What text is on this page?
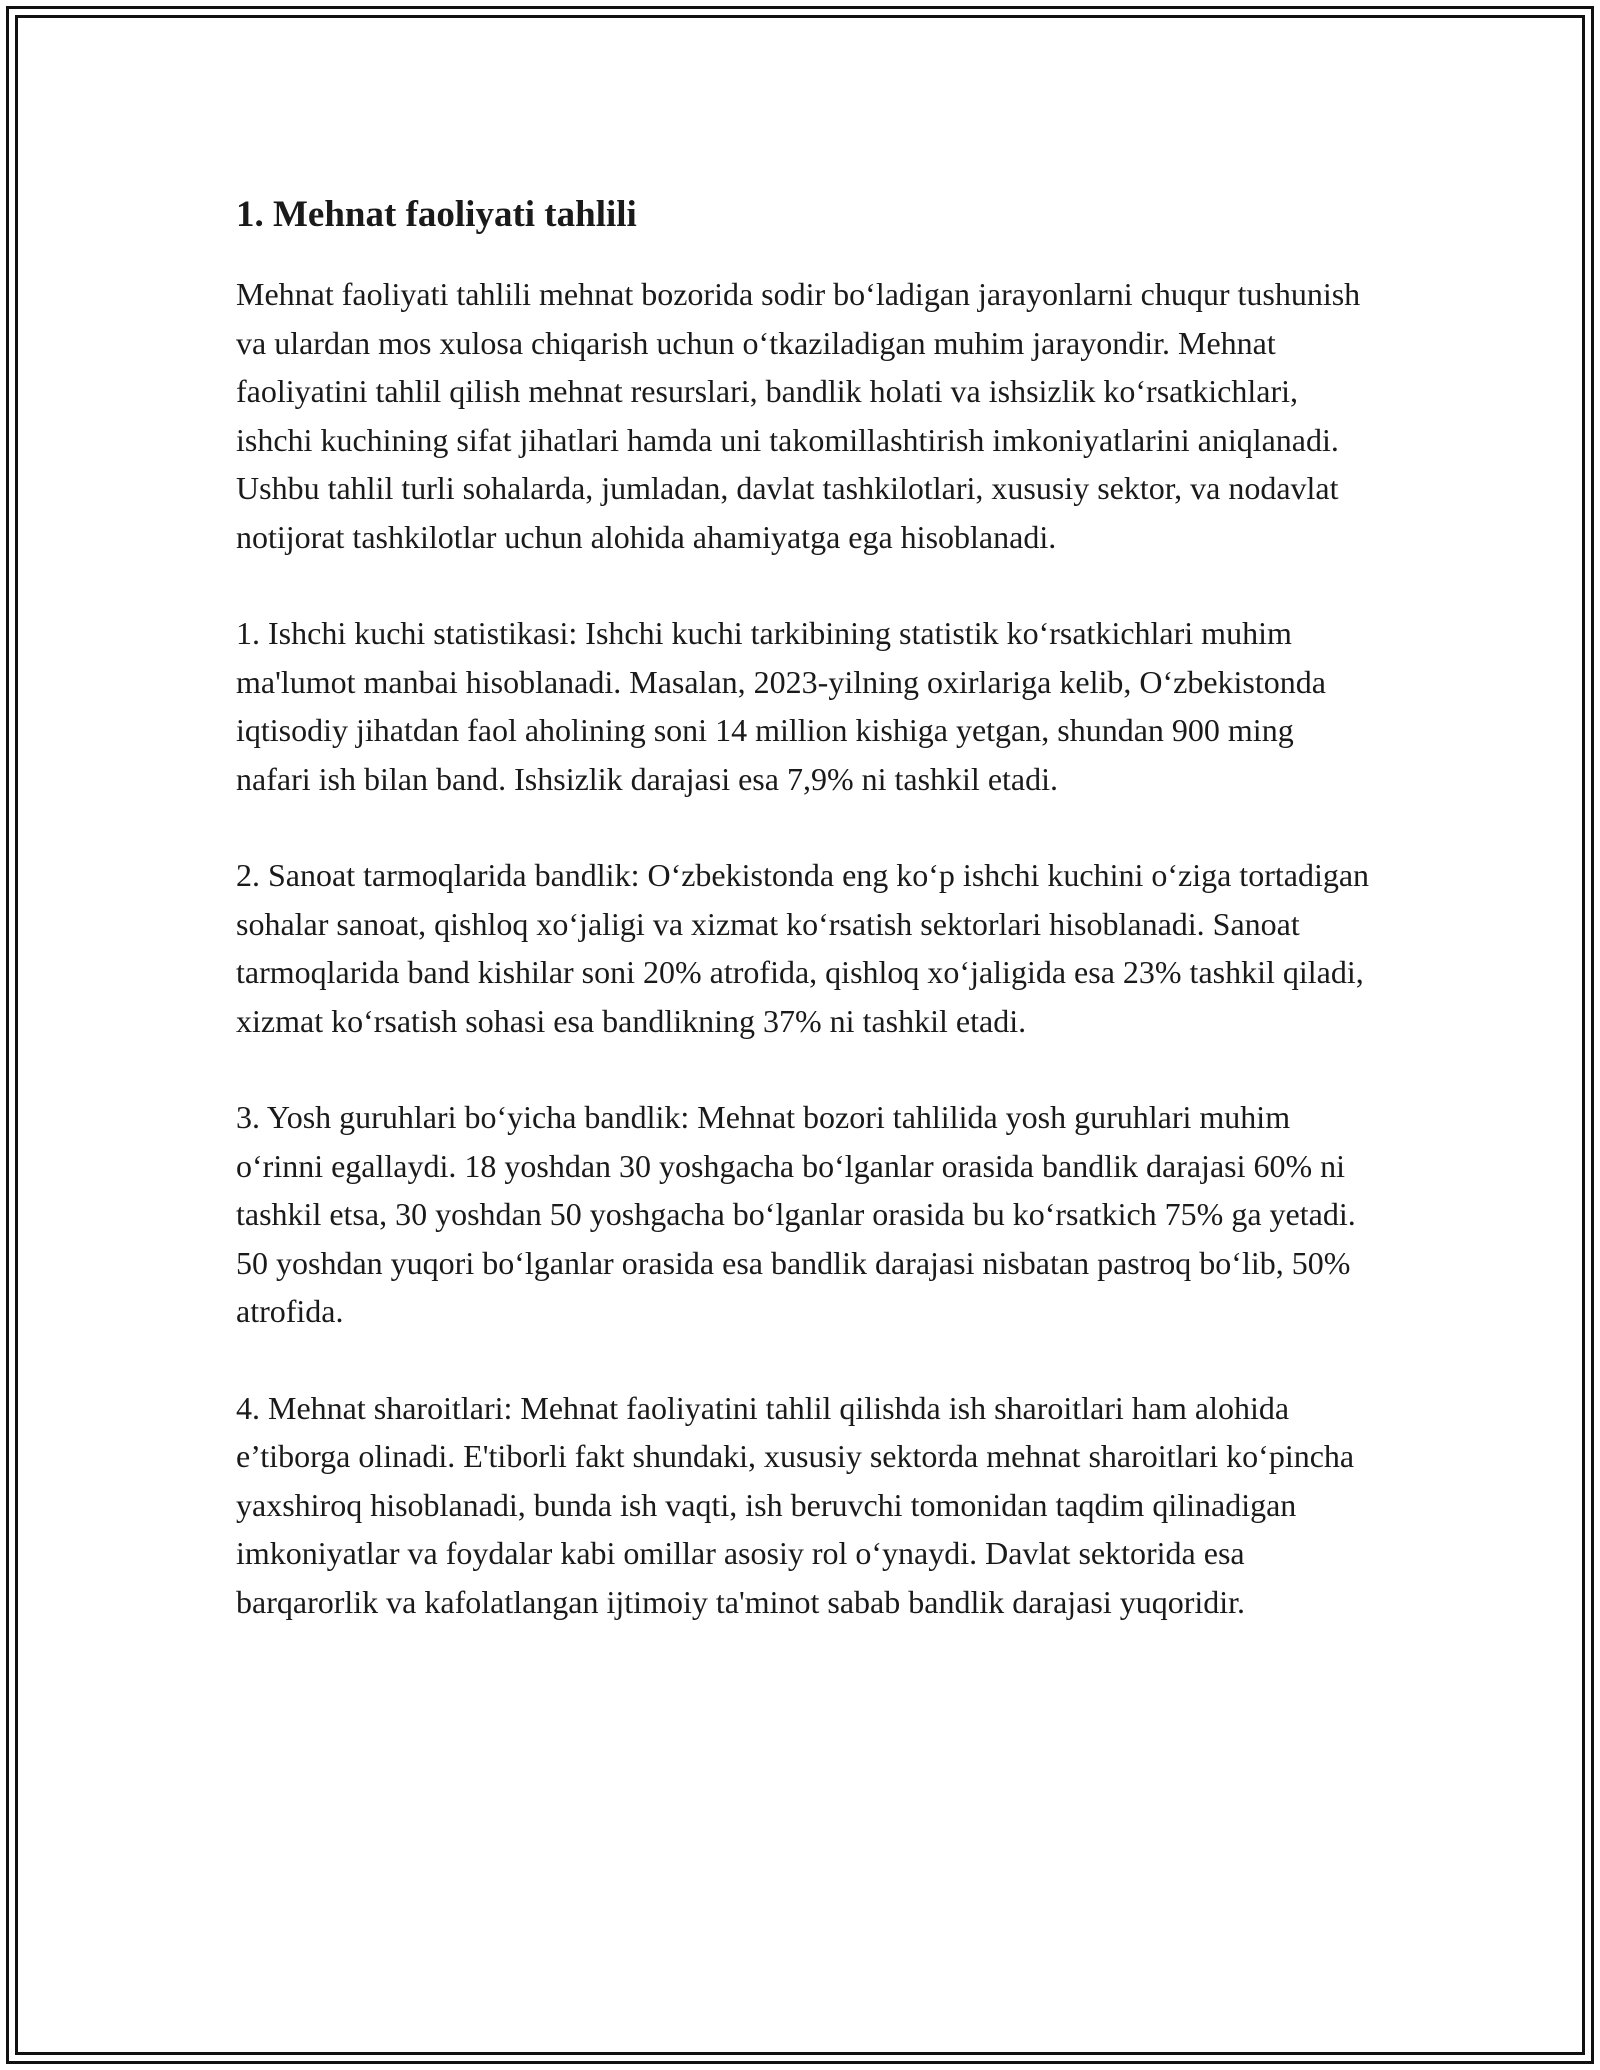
1. Mehnat faoliyati tahlili

Mehnat faoliyati tahlili mehnat bozorida sodir bo‘ladigan jarayonlarni chuqur tushunish va ulardan mos xulosa chiqarish uchun o‘tkaziladigan muhim jarayondir. Mehnat faoliyatini tahlil qilish mehnat resurslari, bandlik holati va ishsizlik ko‘rsatkichlari, ishchi kuchining sifat jihatlari hamda uni takomillashtirish imkoniyatlarini aniqlanadi. Ushbu tahlil turli sohalarda, jumladan, davlat tashkilotlari, xususiy sektor, va nodavlat notijorat tashkilotlar uchun alohida ahamiyatga ega hisoblanadi.

1. Ishchi kuchi statistikasi: Ishchi kuchi tarkibining statistik ko‘rsatkichlari muhim ma'lumot manbai hisoblanadi. Masalan, 2023-yilning oxirlariga kelib, O‘zbekistonda iqtisodiy jihatdan faol aholining soni 14 million kishiga yetgan, shundan 900 ming nafari ish bilan band. Ishsizlik darajasi esa 7,9% ni tashkil etadi.

2. Sanoat tarmoqlarida bandlik: O‘zbekistonda eng ko‘p ishchi kuchini o‘ziga tortadigan sohalar sanoat, qishloq xo‘jaligi va xizmat ko‘rsatish sektorlari hisoblanadi. Sanoat tarmoqlarida band kishilar soni 20% atrofida, qishloq xo‘jaligida esa 23% tashkil qiladi, xizmat ko‘rsatish sohasi esa bandlikning 37% ni tashkil etadi.

3. Yosh guruhlari bo‘yicha bandlik: Mehnat bozori tahlilida yosh guruhlari muhim o‘rinni egallaydi. 18 yoshdan 30 yoshgacha bo‘lganlar orasida bandlik darajasi 60% ni tashkil etsa, 30 yoshdan 50 yoshgacha bo‘lganlar orasida bu ko‘rsatkich 75% ga yetadi. 50 yoshdan yuqori bo‘lganlar orasida esa bandlik darajasi nisbatan pastroq bo‘lib, 50% atrofida.

4. Mehnat sharoitlari: Mehnat faoliyatini tahlil qilishda ish sharoitlari ham alohida e’tiborga olinadi. E'tiborli fakt shundaki, xususiy sektorda mehnat sharoitlari ko‘pincha yaxshiroq hisoblanadi, bunda ish vaqti, ish beruvchi tomonidan taqdim qilinadigan imkoniyatlar va foydalar kabi omillar asosiy rol o‘ynaydi. Davlat sektorida esa barqarorlik va kafolatlangan ijtimoiy ta'minot sabab bandlik darajasi yuqoridir.
